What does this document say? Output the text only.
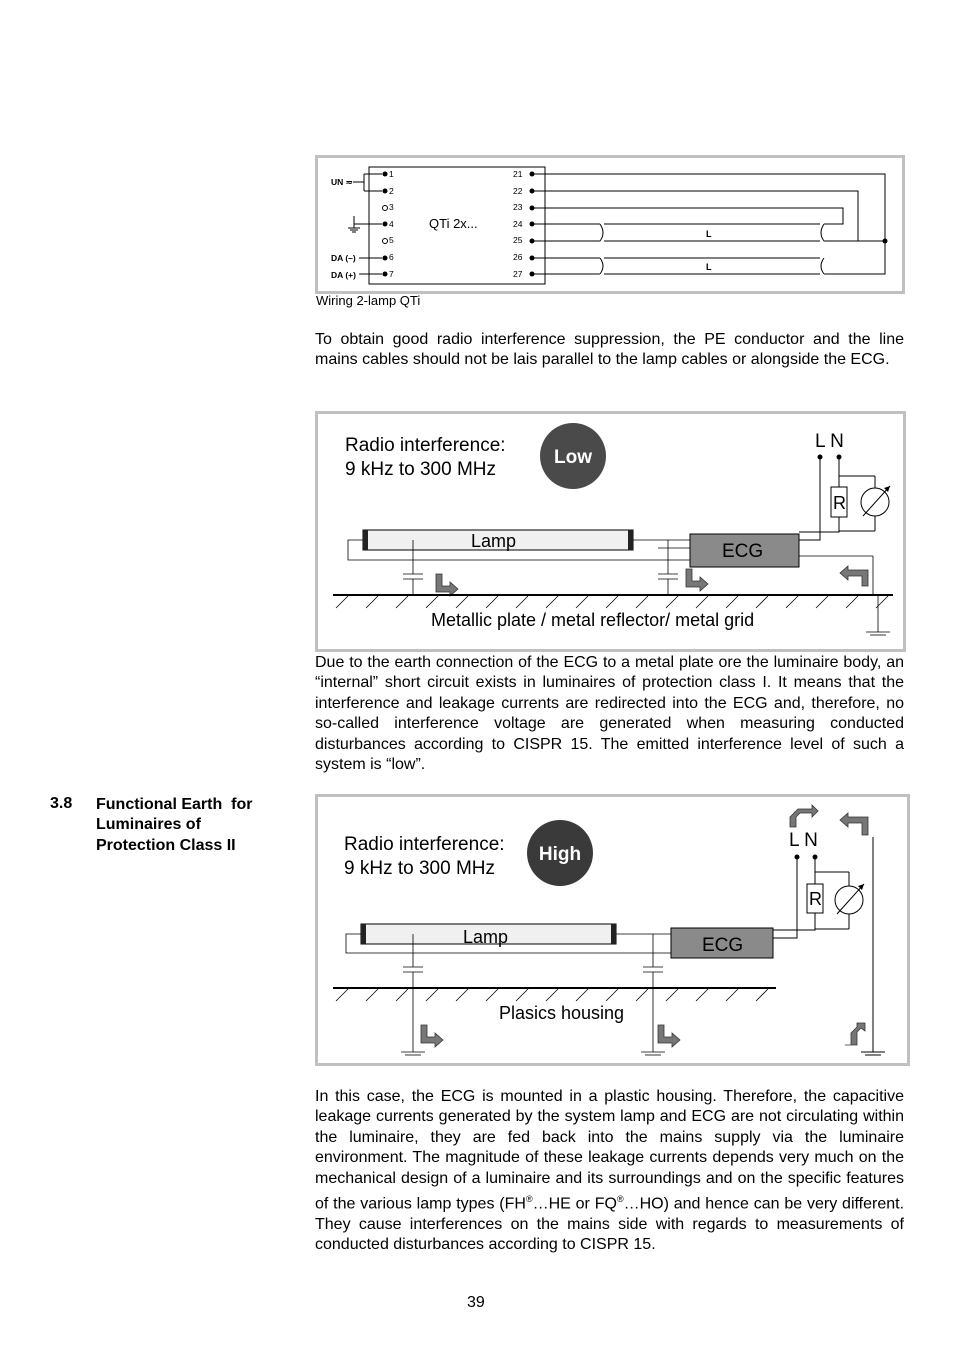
QTi 2x...
1
2
3
4
5
6
7
UN ≂
DA (–)
DA (+)
21
22
23
24
25
26
27
L
L
Wiring 2-lamp QTi
To obtain good radio interference suppression, the PE conductor and the line mains cables should not be lais parallel to the lamp cables or alongside the ECG.
Radio interference:
9 kHz to 300 MHz
Low
L N
R
Lamp	ECG
Metallic plate / metal reflector/ metal grid
Due to the earth connection of the ECG to a metal plate ore the luminaire body, an “internal” short circuit exists in luminaires of protection class I. It means that the interference and leakage currents are redirected into the ECG and, therefore, no so-called interference voltage are generated when measuring conducted disturbances according to CISPR 15. The emitted interference level of such a system is “low”.
3.8 Functional Earth  for
Luminaires of
Protection Class II	Radio interference:
9 kHz to 300 MHz
High
L N
R
Lamp	ECG
Plasics housing
In this case, the ECG is mounted in a plastic housing. Therefore, the capacitive leakage currents generated by the system lamp and ECG are not circulating within the luminaire, they are fed back into the mains supply via the luminaire environment. The magnitude of these leakage currents depends very much on the mechanical design of a luminaire and its surroundings and on the specific features of the various lamp types (FH®…HE or FQ®…HO) and hence can be very different. They cause interferences on the mains side with regards to measurements of conducted disturbances according to CISPR 15.
39
